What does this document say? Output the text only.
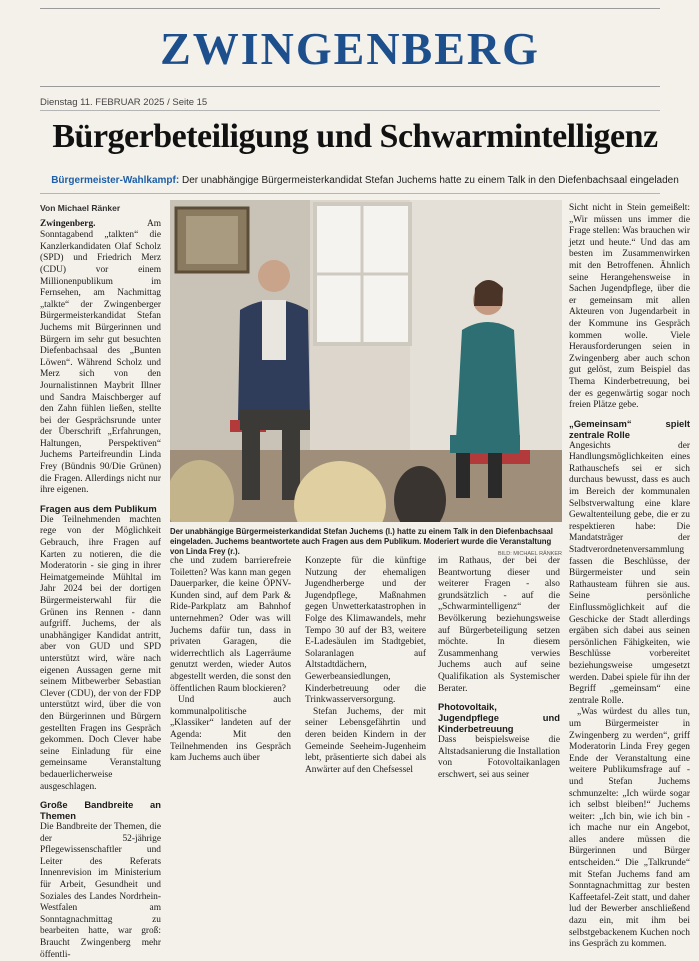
ZWINGENBERG
Dienstag 11. FEBRUAR 2025 / Seite 15
Bürgerbeteiligung und Schwarmintelligenz
Bürgermeister-Wahlkampf: Der unabhängige Bürgermeisterkandidat Stefan Juchems hatte zu einem Talk in den Diefenbachsaal eingeladen
Von Michael Ränker

Zwingenberg.	Am Sonntagabend „talkten“ die Kanzlerkandidaten Olaf Scholz (SPD) und Friedrich Merz (CDU) vor einem Millionenpublikum im Fernsehen, am Nachmittag „talkte“ der Zwingenberger Bürgermeisterkandidat Stefan Juchems mit Bürgerinnen und Bürgern im sehr gut besuchten Diefenbachsaal des „Bunten Löwen“. Während Scholz und Merz sich von den Journalistinnen Maybrit Illner und Sandra Maischberger auf den Zahn fühlen ließen, stellte bei der Gesprächsrunde unter der Überschrift „Erfahrungen, Haltungen, Perspektiven“ Juchems Parteifreundin Linda Frey (Bündnis 90/Die Grünen) die Fragen. Allerdings nicht nur ihre eigenen.

Fragen aus dem Publikum

Die Teilnehmenden machten rege von der Möglichkeit Gebrauch, ihre Fragen auf Karten zu notieren, die die Moderatorin - sie ging in ihrer Heimatgemeinde Mühltal im Jahr 2024 bei der dortigen Bürgermeisterwahl für die Grünen ins Rennen - dann aufgriff. Juchems, der als unabhängiger Kandidat antritt, aber von GUD und SPD unterstützt wird, wäre nach eigenen Aussagen gerne mit seinem Mitbewerber Sebastian Clever (CDU), der von der FDP unterstützt wird, über die von den Bürgerinnen und Bürgern gestellten Fragen ins Gespräch gekommen. Doch Clever habe seine Einladung für eine gemeinsame Veranstaltung bedauerlicherweise ausgeschlagen.

Große Bandbreite an Themen

Die Bandbreite der Themen, die der 52-jährige Pflegewissenschaftler und Leiter des Referats Innenrevision im Ministerium für Arbeit, Gesundheit und Soziales des Landes Nordrhein-Westfalen am Sonntagnachmittag zu bearbeiten hatte, war groß: Braucht Zwingenberg mehr öffentli-

Der unabhängige Bürgermeisterkandidat Stefan Juchems (l.) hatte zu einem Talk in den Diefenbachsaal eingeladen. Juchems beantwortete auch Fragen aus dem Publikum. Moderiert wurde die Veranstaltung von Linda Frey (r.).	BILD: MICHAEL RÄNKER

che und zudem barrierefreie Toiletten? Was kann man gegen Dauerparker, die keine ÖPNV-Kunden sind, auf dem Park & Ride-Parkplatz am Bahnhof unternehmen? Oder was will Juchems dafür tun, dass in privaten Garagen, die widerrechtlich als Lagerräume genutzt werden, wieder Autos abgestellt werden, die sonst den öffentlichen Raum blockieren?

Und auch kommunalpolitische „Klassiker“ landeten auf der Agenda: Mit den Teilnehmenden ins Gespräch kam Juchems auch über

Konzepte für die künftige Nutzung der ehemaligen Jugendherberge und der Jugendpflege, Maßnahmen gegen Unwetterkatastrophen in Folge des Klimawandels, mehr Tempo 30 auf der B3, weitere E-Ladesäulen im Stadtgebiet, Solaranlagen auf Altstadtdächern, Gewerbeansiedlungen, Kinderbetreuung oder die Trinkwasserversorgung.

Stefan Juchems, der mit seiner Lebensgefährtin und deren beiden Kindern in der Gemeinde Seeheim-Jugenheim lebt, präsentierte sich dabei als Anwärter auf den Chefsessel

im Rathaus, der bei der Beantwortung dieser und weiterer Fragen - also grundsätzlich - auf die „Schwarmintelligenz“ der Bevölkerung beziehungsweise auf Bürgerbeteiligung setzen möchte. In diesem Zusammenhang verwies Juchems auch auf seine Qualifikation als Systemischer Berater.

Photovoltaik, Jugendpflege und Kinderbetreuung

Dass beispielsweise die Altstadsanierung die Installation von Fotovoltaikanlagen erschwert, sei aus seiner

Sicht nicht in Stein gemeißelt: „Wir müssen uns immer die Frage stellen: Was brauchen wir jetzt und heute.“ Und das am besten im Zusammenwirken mit den Betroffenen. Ähnlich seine Herangehensweise in Sachen Jugendpflege, über die er gemeinsam mit allen Akteuren von Jugendarbeit in der Kommune ins Gespräch kommen wolle. Viele Herausforderungen seien in Zwingenberg aber auch schon gut gelöst, zum Beispiel das Thema Kinderbetreuung, bei der es gegenwärtig sogar noch freien Plätze gebe.

„Gemeinsam“ spielt zentrale Rolle

Angesichts der Handlungsmöglichkeiten eines Rathauschefs sei er sich durchaus bewusst, dass es auch im Bereich der kommunalen Selbstverwaltung eine klare Gewaltenteilung gebe, die er zu respektieren habe: Die Mandatsträger der Stadtverordnetenversammlung fassen die Beschlüsse, der Bürgermeister und sein Rathausteam führen sie aus. Seine persönliche Einflussmöglichkeit auf die Geschicke der Stadt allerdings ergäben sich dabei aus seinen persönlichen Fähigkeiten, wie Beschlüsse vorbereitet beziehungsweise umgesetzt werden. Dabei spiele für ihn der Begriff „gemeinsam“ eine zentrale Rolle.

„Was würdest du alles tun, um Bürgermeister in Zwingenberg zu werden“, griff Moderatorin Linda Frey gegen Ende der Veranstaltung eine weitere Publikumsfrage auf - und Stefan Juchems schmunzelte: „Ich würde sogar ich selbst bleiben!“ Juchems weiter: „Ich bin, wie ich bin - ich mache nur ein Angebot, alles andere müssen die Bürgerinnen und Bürger entscheiden.“ Die „Talkrunde“ mit Stefan Juchems fand am Sonntagnachmittag zur besten Kaffeetafel-Zeit statt, und daher lud der Bewerber anschließend dazu ein, mit ihm bei selbstgebackenem Kuchen noch ins Gespräch zu kommen.
